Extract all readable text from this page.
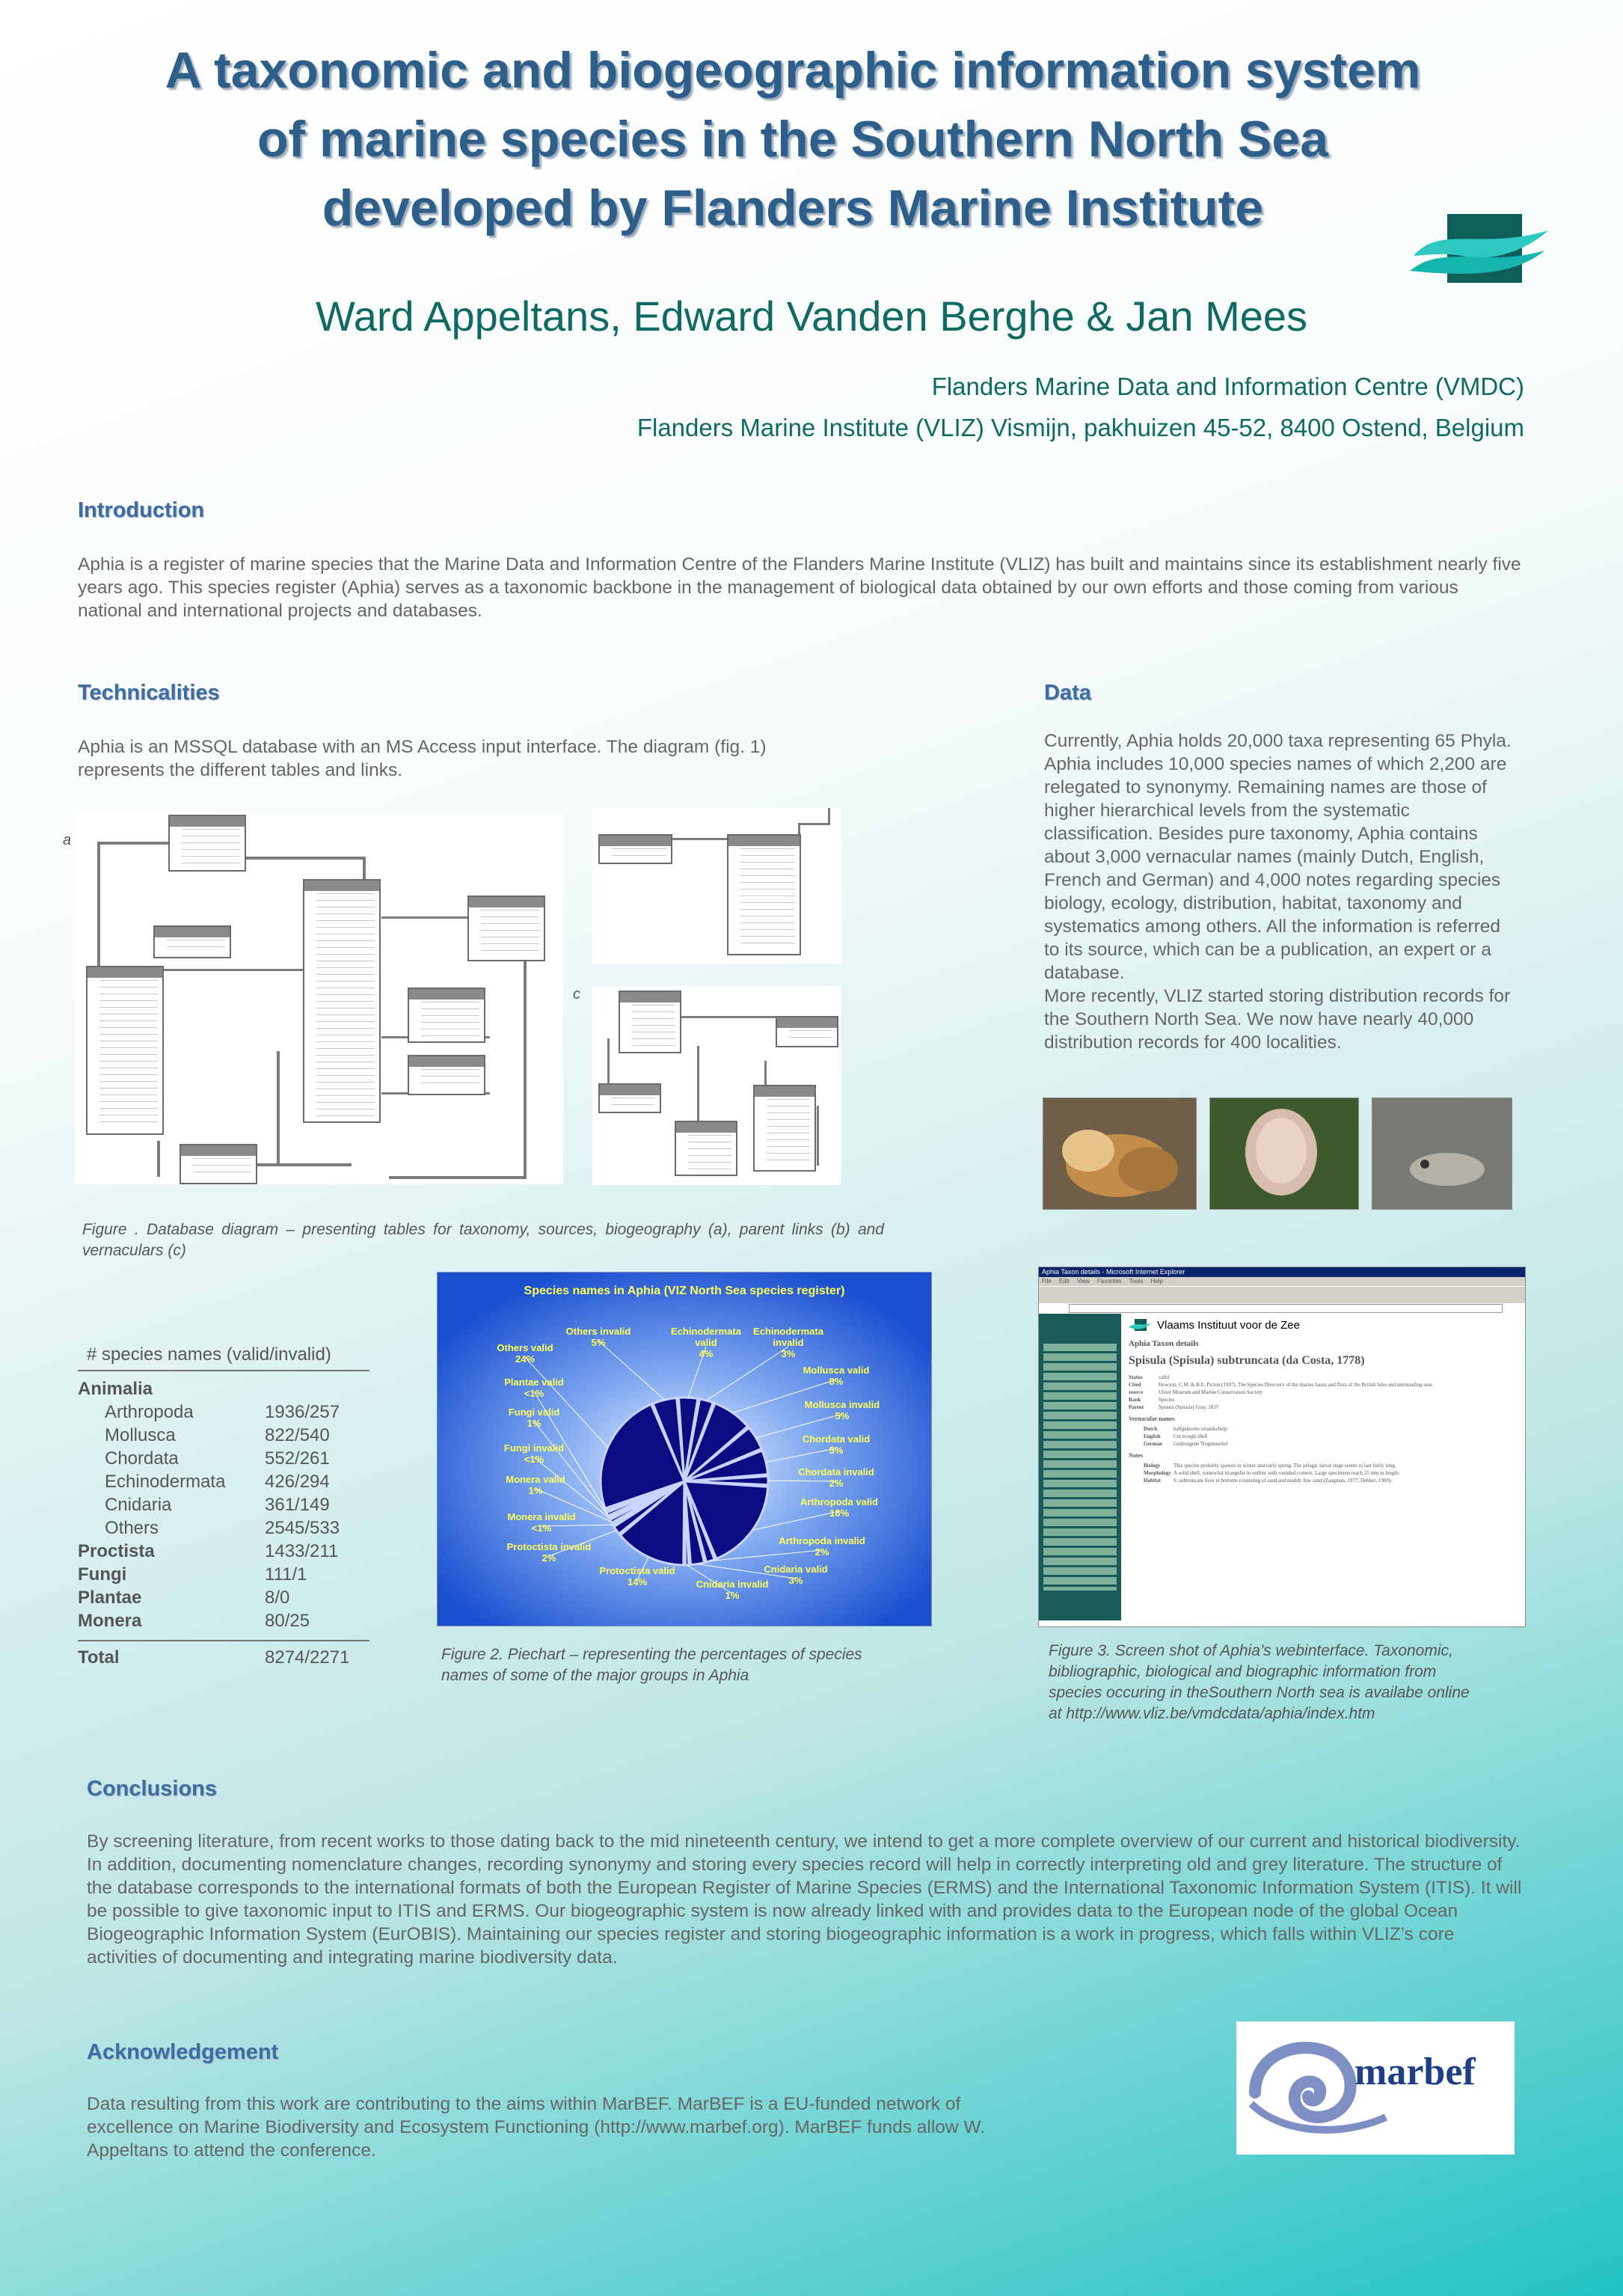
A taxonomic and biogeographic information system
of marine species in the Southern North Sea
developed by Flanders Marine Institute
Ward Appeltans, Edward Vanden Berghe & Jan Mees
Flanders Marine Data and Information Centre (VMDC)
Flanders Marine Institute (VLIZ) Vismijn, pakhuizen 45-52, 8400 Ostend, Belgium
Introduction
Aphia is a register of marine species that the Marine Data and Information Centre of the Flanders Marine Institute (VLIZ) has built and maintains since its establishment nearly five years ago. This species register (Aphia) serves as a taxonomic backbone in the management of biological data obtained by our own efforts and those coming from various national and international projects and databases.
Technicalities
Aphia is an MSSQL database with an MS Access input interface. The diagram (fig. 1) represents the different tables and links.
a
c
Figure . Database diagram – presenting tables for taxonomy, sources, biogeography (a), parent links (b) and vernaculars (c)
Data
Currently, Aphia holds 20,000 taxa representing 65 Phyla. Aphia includes 10,000 species names of which 2,200 are relegated to synonymy. Remaining names are those of higher hierarchical levels from the systematic classification. Besides pure taxonomy, Aphia contains about 3,000 vernacular names (mainly Dutch, English, French and German) and 4,000 notes regarding species biology, ecology, distribution, habitat, taxonomy and systematics among others. All the information is referred to its source, which can be a publication, an expert or a database.
More recently, VLIZ started storing distribution records for the Southern North Sea. We now have nearly 40,000 distribution records for 400 localities.
# species names (valid/invalid)
Animalia
Arthropoda	1936/257
Mollusca	822/540
Chordata	552/261
Echinodermata	426/294
Cnidaria	361/149
Others	2545/533
Proctista	1433/211
Fungi	111/1
Plantae	8/0
Monera	80/25
Total	8274/2271
Species names in Aphia (VIZ North Sea species register)
Echinodermata valid 4%
Echinodermata invalid 3%
Mollusca valid 8%
Mollusca invalid 5%
Chordata valid 5%
Chordata invalid 2%
Arthropoda valid 18%
Arthropoda invalid 2%
Cnidaria valid 3%
Cnidaria invalid 1%
Protoctista valid 14%
Protoctista invalid 2%
Monera invalid <1%
Monera valid 1%
Fungi invalid <1%
Fungi valid 1%
Plantae valid <1%
Others valid 24%
Others invalid 5%
Figure 2. Piechart – representing the percentages of species names of some of the major groups in Aphia
Aphia Taxon details - Microsoft Internet Explorer
File Edit View Favorites Tools Help
Vlaams Instituut voor de Zee
Aphia Taxon details
Spisula (Spisula) subtruncata (da Costa, 1778)
Status	valid
Cited	Howson, C.M. & B.E. Picton (1997). The Species Directory of the marine fauna and flora of the British Isles and surrounding seas
source	Ulster Museum and Marine Conservation Society
Rank	Species
Parent	Spisula (Spisula) Gray, 1837
Vernacular names
Dutch	halfgeknotte strandschelp
English	Cut trough shell
German	Gedrungene Trogmuschel
Notes
Biology	This species probably spawns in winter and early spring. The pelagic larval stage seems to last fairly long.
Morphology A solid shell, somewhat triangular in outline with rounded corners. Large specimens reach 25 mm in length.
Habitat	S. subtruncata lives in bottoms consisting of sand and muddy fine sand (Zaagman, 1977; Dekker, 1969).
Figure 3. Screen shot of Aphia’s webinterface. Taxonomic, bibliographic, biological and biographic information from species occuring in theSouthern North sea is availabe online at http://www.vliz.be/vmdcdata/aphia/index.htm
Conclusions
By screening literature, from recent works to those dating back to the mid nineteenth century, we intend to get a more complete overview of our current and historical biodiversity. In addition, documenting nomenclature changes, recording synonymy and storing every species record will help in correctly interpreting old and grey literature. The structure of the database corresponds to the international formats of both the European Register of Marine Species (ERMS) and the International Taxonomic Information System (ITIS). It will be possible to give taxonomic input to ITIS and ERMS. Our biogeographic system is now already linked with and provides data to the European node of the global Ocean Biogeographic Information System (EurOBIS). Maintaining our species register and storing biogeographic information is a work in progress, which falls within VLIZ’s core activities of documenting and integrating marine biodiversity data.
Acknowledgement
Data resulting from this work are contributing to the aims within MarBEF. MarBEF is a EU-funded network of excellence on Marine Biodiversity and Ecosystem Functioning (http://www.marbef.org). MarBEF funds allow W. Appeltans to attend the conference.
marbef
